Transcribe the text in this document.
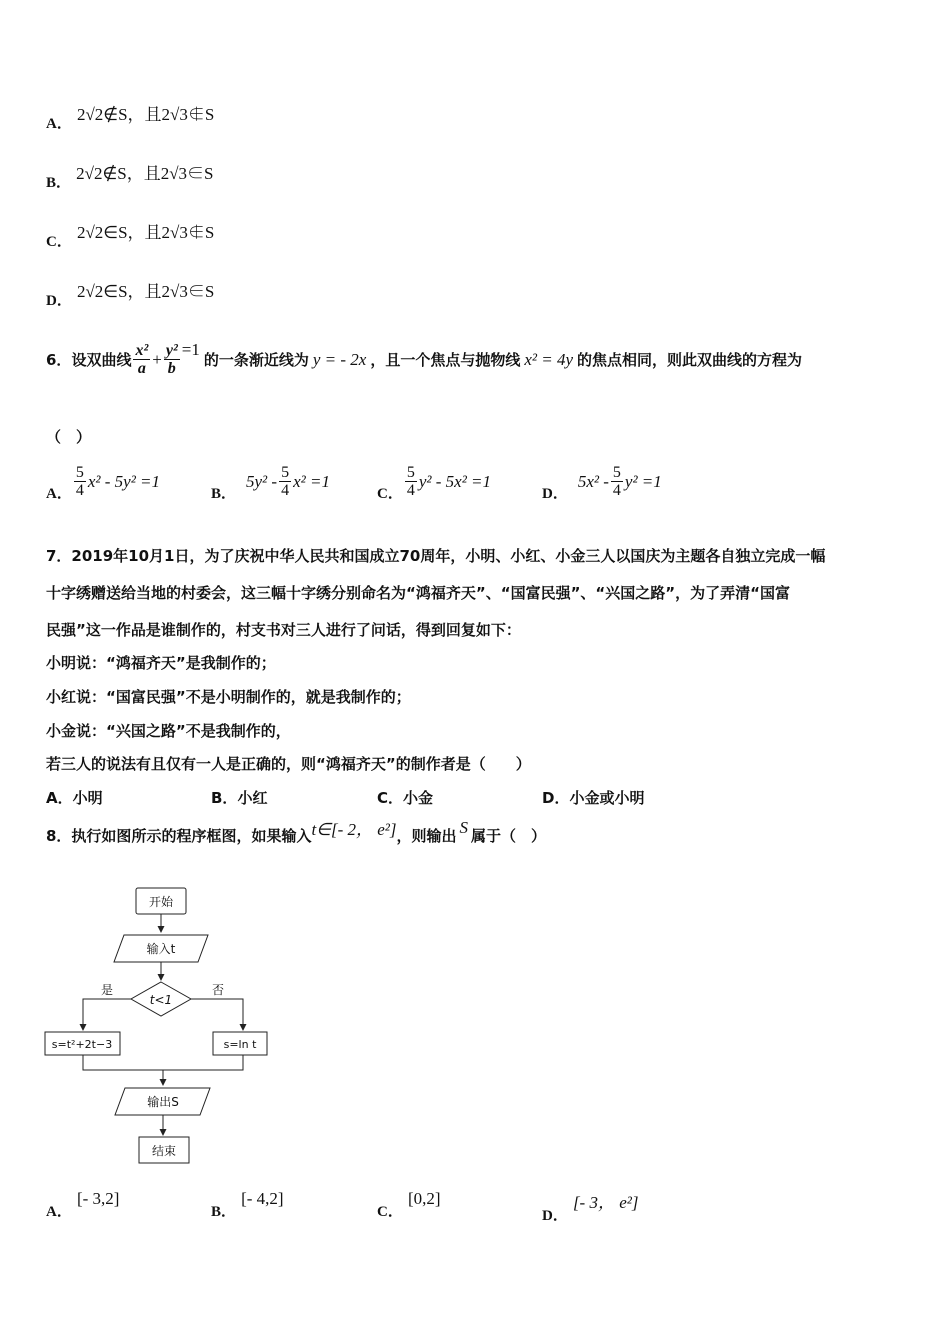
A． 2√2∉S，且2√3∉S
B． 2√2∉S，且2√3∈S
C． 2√2∈S，且2√3∉S
D． 2√2∈S，且2√3∈S
6． 设双曲线 $\frac{\text{x²}}{a} + \frac{\text{y²}}{b} =1$
的一条渐近线为 y = - 2x ，且一个焦点与抛物线 x² = 4y 的焦点相同，则此双曲线的方程为
（　）
A． $\frac{5}{4} x^2 - 5y^2 =1$
B．
$5y^2 - \frac{5}{4} x^2 =1$
C． $\frac{5}{4} y^2 - 5x^2 =1$
D．
$5x^2 - \frac{5}{4} y^2 =1$
7．2019年10月1日，为了庆祝中华人民共和国成立70周年，小明、小红、小金三人以国庆为主题各自独立完成一幅
十字绣赠送给当地的村委会，这三幅十字绣分别命名为“鸿福齐天”、“国富民强”、“兴国之路”，为了弄清“国富
民强”这一作品是谁制作的，村支书对三人进行了问话，得到回复如下：
小明说：“鸿福齐天”是我制作的；
小红说：“国富民强”不是小明制作的，就是我制作的；
小金说：“兴国之路”不是我制作的，
若三人的说法有且仅有一人是正确的，则“鸿福齐天”的制作者是（　　）
A．小明	B．小红	C．小金	D．小金或小明
8．执行如图所示的程序框图，如果输入 t∈[- 2， e²] ，则输出 S 属于（　）
开始
输入t
t<1
是	否
s=t²+2t−3	s=ln t
输出S
结束
A． [- 3,2]
B． [- 4,2]
C． [0,2]
D． [- 3， e²]
